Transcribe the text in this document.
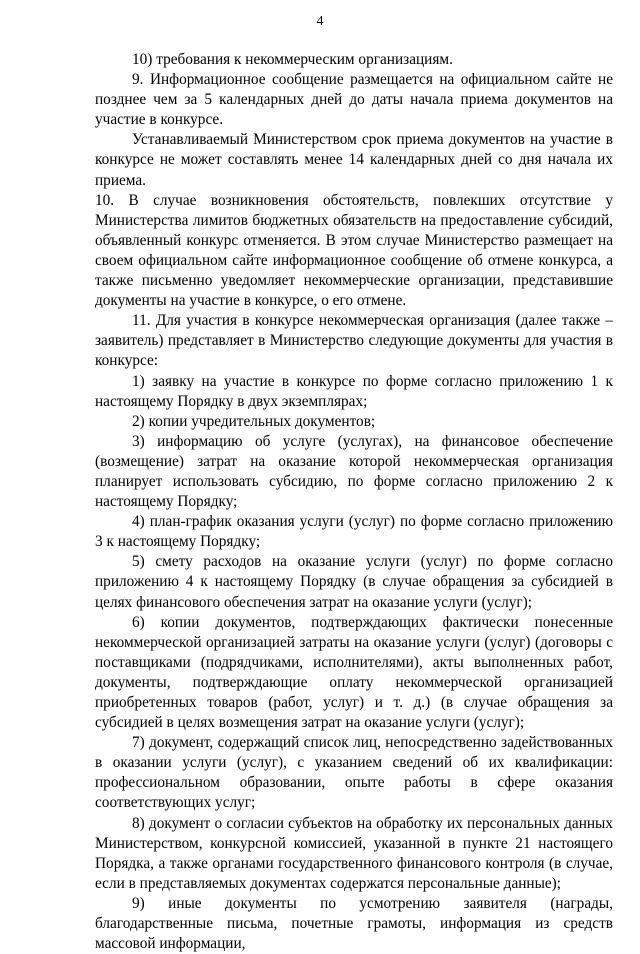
4

10) требования к некоммерческим организациям.

9. Информационное сообщение размещается на официальном сайте не позднее чем за 5 календарных дней до даты начала приема документов на участие в конкурсе.

Устанавливаемый Министерством срок приема документов на участие в конкурсе не может составлять менее 14 календарных дней со дня начала их приема.

10. В случае возникновения обстоятельств, повлекших отсутствие у Министерства лимитов бюджетных обязательств на предоставление субсидий, объявленный конкурс отменяется. В этом случае Министерство размещает на своем официальном сайте информационное сообщение об отмене конкурса, а также письменно уведомляет некоммерческие организации, представившие документы на участие в конкурсе, о его отмене.

11. Для участия в конкурсе некоммерческая организация (далее также – заявитель) представляет в Министерство следующие документы для участия в конкурсе:

1) заявку на участие в конкурсе по форме согласно приложению 1 к настоящему Порядку в двух экземплярах;

2) копии учредительных документов;

3) информацию об услуге (услугах), на финансовое обеспечение (возмещение) затрат на оказание которой некоммерческая организация планирует использовать субсидию, по форме согласно приложению 2 к настоящему Порядку;

4) план-график оказания услуги (услуг) по форме согласно приложению 3 к настоящему Порядку;

5) смету расходов на оказание услуги (услуг) по форме согласно приложению 4 к настоящему Порядку (в случае обращения за субсидией в целях финансового обеспечения затрат на оказание услуги (услуг);

6) копии документов, подтверждающих фактически понесенные некоммерческой организацией затраты на оказание услуги (услуг) (договоры с поставщиками (подрядчиками, исполнителями), акты выполненных работ, документы, подтверждающие оплату некоммерческой организацией приобретенных товаров (работ, услуг) и т. д.) (в случае обращения за субсидией в целях возмещения затрат на оказание услуги (услуг);

7) документ, содержащий список лиц, непосредственно задействованных в оказании услуги (услуг), с указанием сведений об их квалификации: профессиональном образовании, опыте работы в сфере оказания соответствующих услуг;

8) документ о согласии субъектов на обработку их персональных данных Министерством, конкурсной комиссией, указанной в пункте 21 настоящего Порядка, а также органами государственного финансового контроля (в случае, если в представляемых документах содержатся персональные данные);

9) иные документы по усмотрению заявителя (награды, благодарственные письма, почетные грамоты, информация из средств массовой информации,
